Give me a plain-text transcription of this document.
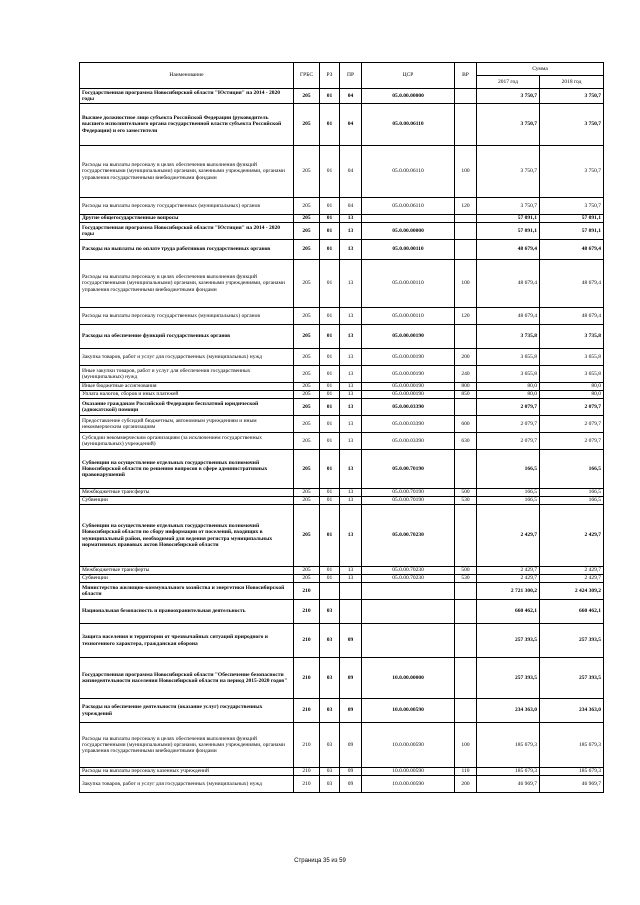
Наименование	ГРБС	РЗ	ПР	ЦСР	ВР	Сумма	
						2017 год	2018 год
Государственная программа Новосибирской области "Юстиция" на 2014 - 2020 годы	205	01	04	05.0.00.00000		3 750,7	3 750,7
Высшее должностное лицо субъекта Российской Федерации (руководитель высшего исполнительного органа государственной власти субъекта Российской Федерации) и его заместители	205	01	04	05.0.00.06110		3 750,7	3 750,7
Расходы на выплаты персоналу в целях обеспечения выполнения функций государственными (муниципальными) органами, казенными учреждениями, органами управления государственными внебюджетными фондами	205	01	04	05.0.00.06110	100	3 750,7	3 750,7
Расходы на выплаты персоналу государственных (муниципальных) органов	205	01	04	05.0.00.06110	120	3 750,7	3 750,7
Другие общегосударственные вопросы	205	01	13			57 091,1	57 091,1
Государственная программа Новосибирской области "Юстиция" на 2014 - 2020 годы	205	01	13	05.0.00.00000		57 091,1	57 091,1
Расходы на выплаты по оплате труда работников государственных органов	205	01	13	05.0.00.00110		48 679,4	48 679,4
Расходы на выплаты персоналу в целях обеспечения выполнения функций государственными (муниципальными) органами, казенными учреждениями, органами управления государственными внебюджетными фондами	205	01	13	05.0.00.00110	100	48 679,4	48 679,4
Расходы на выплаты персоналу государственных (муниципальных) органов	205	01	13	05.0.00.00110	120	48 679,4	48 679,4
Расходы на обеспечение функций государственных органов	205	01	13	05.0.00.00190		3 735,8	3 735,8
Закупка товаров, работ и услуг для государственных (муниципальных) нужд	205	01	13	05.0.00.00190	200	3 655,8	3 655,8
Иные закупки товаров, работ и услуг для обеспечения государственных (муниципальных) нужд	205	01	13	05.0.00.00190	240	3 655,8	3 655,8
Иные бюджетные ассигнования	205	01	13	05.0.00.00190	800	80,0	80,0
Уплата налогов, сборов и иных платежей	205	01	13	05.0.00.00190	850	80,0	80,0
Оказание гражданам Российской Федерации бесплатной юридической (адвокатской) помощи	205	01	13	05.0.00.03390		2 079,7	2 079,7
Предоставление субсидий бюджетным, автономным учреждениям и иным некоммерческим организациям	205	01	13	05.0.00.03390	600	2 079,7	2 079,7
Субсидии некоммерческим организациям (за исключением государственных (муниципальных) учреждений)	205	01	13	05.0.00.03390	630	2 079,7	2 079,7
Субвенции на осуществление отдельных государственных полномочий Новосибирской области по решению вопросов в сфере административных правонарушений	205	01	13	05.0.00.70190		166,5	166,5
Межбюджетные трансферты	205	01	13	05.0.00.70190	500	166,5	166,5
Субвенции	205	01	13	05.0.00.70190	530	166,5	166,5
Субвенции на осуществление отдельных государственных полномочий Новосибирской области по сбору информации от поселений, входящих в муниципальный район, необходимой для ведения регистра муниципальных нормативных правовых актов Новосибирской области	205	01	13	05.0.00.70230		2 429,7	2 429,7
Межбюджетные трансферты	205	01	13	05.0.00.70230	500	2 429,7	2 429,7
Субвенции	205	01	13	05.0.00.70230	530	2 429,7	2 429,7
Министерство жилищно-коммунального хозяйства и энергетики Новосибирской области	210					2 721 300,2	2 424 309,2
Национальная безопасность и правоохранительная деятельность	210	03				660 462,1	660 462,1
Защита населения и территории от чрезвычайных ситуаций природного и техногенного характера, гражданская оборона	210	03	09			257 393,5	257 393,5
Государственная программа Новосибирской области "Обеспечение безопасности жизнедеятельности населения Новосибирской области на период 2015-2020 годов"	210	03	09	10.0.00.00000		257 393,5	257 393,5
Расходы на обеспечение деятельности (оказание услуг) государственных учреждений	210	03	09	10.0.00.00590		234 363,0	234 363,0
Расходы на выплаты персоналу в целях обеспечения выполнения функций государственными (муниципальными) органами, казенными учреждениями, органами управления государственными внебюджетными фондами	210	03	09	10.0.00.00590	100	185 679,3	185 679,3
Расходы на выплаты персоналу казенных учреждений	210	03	09	10.0.00.00590	110	185 679,3	185 679,3
Закупка товаров, работ и услуг для государственных (муниципальных) нужд	210	03	09	10.0.00.00590	200	46 969,7	46 969,7
Страница 35 из 59
